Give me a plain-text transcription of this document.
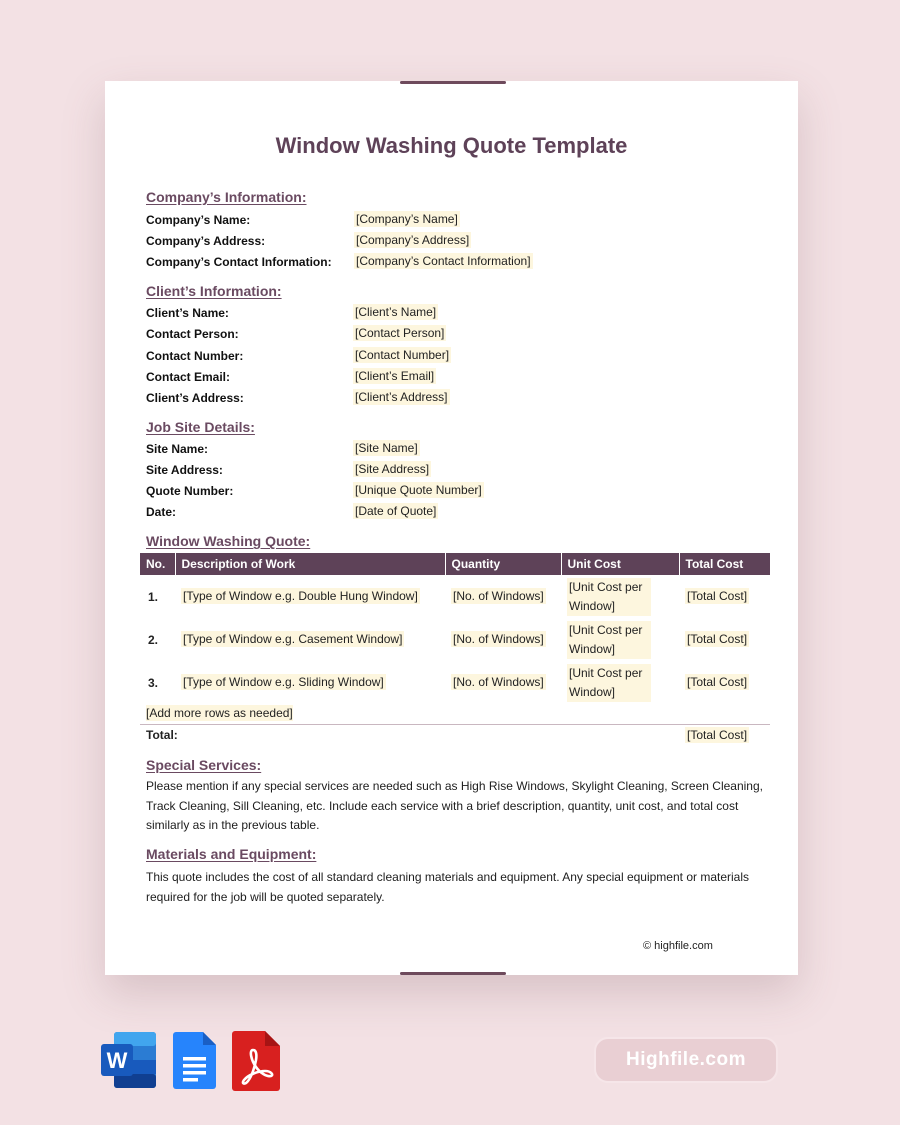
Window Washing Quote Template
Company’s Information:
Company’s Name:	[Company’s Name]
Company’s Address:	[Company’s Address]
Company’s Contact Information: [Company’s Contact Information]
Client’s Information:
Client’s Name:	[Client’s Name]
Contact Person:	[Contact Person]
Contact Number:	[Contact Number]
Contact Email:	[Client’s Email]
Client’s Address:	[Client’s Address]
Job Site Details:
Site Name:	[Site Name]
Site Address:	[Site Address]
Quote Number:	[Unique Quote Number]
Date:	[Date of Quote]
Window Washing Quote:
No.	Description of Work	Quantity	Unit Cost	Total Cost
1.	[Type of Window e.g. Double Hung Window]	[No. of Windows]	[Unit Cost per Window]	[Total Cost]
2.	[Type of Window e.g. Casement Window]	[No. of Windows]	[Unit Cost per Window]	[Total Cost]
3.	[Type of Window e.g. Sliding Window]	[No. of Windows]	[Unit Cost per Window]	[Total Cost]
[Add more rows as needed]				
Total:				[Total Cost]
Special Services:
Please mention if any special services are needed such as High Rise Windows, Skylight Cleaning, Screen Cleaning, Track Cleaning, Sill Cleaning, etc. Include each service with a brief description, quantity, unit cost, and total cost similarly as in the previous table.
Materials and Equipment:
This quote includes the cost of all standard cleaning materials and equipment. Any special equipment or materials required for the job will be quoted separately.
© highfile.com
W	Highfile.com
